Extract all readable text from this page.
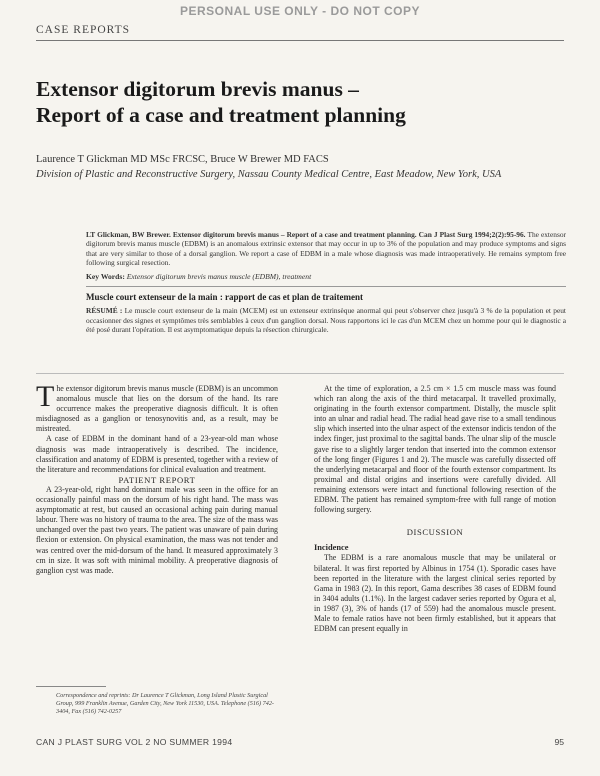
PERSONAL USE ONLY - DO NOT COPY
CASE REPORTS
Extensor digitorum brevis manus –
Report of a case and treatment planning
Laurence T Glickman MD MSc FRCSC, Bruce W Brewer MD FACS
Division of Plastic and Reconstructive Surgery, Nassau County Medical Centre, East Meadow, New York, USA

LT Glickman, BW Brewer. Extensor digitorum brevis manus – Report of a case and treatment planning. Can J Plast Surg 1994;2(2):95-96. The extensor digitorum brevis manus muscle (EDBM) is an anomalous extrinsic extensor that may occur in up to 3% of the population and may produce symptoms and signs that are very similar to those of a dorsal ganglion. We report a case of EDBM in a male whose diagnosis was made intraoperatively. He remains symptom free following surgical resection.

Key Words: Extensor digitorum brevis manus muscle (EDBM), treatment

Muscle court extenseur de la main : rapport de cas et plan de traitement

RÉSUMÉ : Le muscle court extenseur de la main (MCEM) est un extenseur extrinsèque anormal qui peut s'observer chez jusqu'à 3 % de la population et peut occasionner des signes et symptômes très semblables à ceux d'un ganglion dorsal. Nous rapportons ici le cas d'un MCEM chez un homme pour qui le diagnostic a été posé durant l'opération. Il est asymptomatique depuis la résection chirurgicale.

The extensor digitorum brevis manus muscle (EDBM) is an uncommon anomalous muscle that lies on the dorsum of the hand. Its rare occurrence makes the preoperative diagnosis difficult. It is often misdiagnosed as a ganglion or tenosynovitis and, as a result, may be mistreated.

A case of EDBM in the dominant hand of a 23-year-old man whose diagnosis was made intraoperatively is described. The incidence, classification and anatomy of EDBM is presented, together with a review of the literature and recommendations for clinical evaluation and treatment.

PATIENT REPORT

A 23-year-old, right hand dominant male was seen in the office for an occasionally painful mass on the dorsum of his right hand. The mass was asymptomatic at rest, but caused an occasional aching pain during manual labour. There was no history of trauma to the area. The size of the mass was unchanged over the past two years. The patient was unaware of pain during flexion or extension. On physical examination, the mass was not tender and was centred over the mid-dorsum of the hand. It measured approximately 3 cm in size. It was soft with minimal mobility. A preoperative diagnosis of ganglion cyst was made.

At the time of exploration, a 2.5 cm × 1.5 cm muscle mass was found which ran along the axis of the third metacarpal. It travelled proximally, originating in the fourth extensor compartment. Distally, the muscle split into an ulnar and radial head. The radial head gave rise to a small tendinous slip which inserted into the ulnar aspect of the extensor indicis tendon of the index finger, just proximal to the sagittal bands. The ulnar slip of the muscle gave rise to a slightly larger tendon that inserted into the common extensor of the long finger (Figures 1 and 2). The muscle was carefully dissected off the underlying metacarpal and floor of the fourth extensor compartment. Its proximal and distal origins and insertions were carefully divided. All remaining extensors were intact and functional following resection of the EDBM. The patient has remained symptom-free with full range of motion following surgery.

DISCUSSION

Incidence

The EDBM is a rare anomalous muscle that may be unilateral or bilateral. It was first reported by Albinus in 1754 (1). Sporadic cases have been reported in the literature with the largest clinical series reported by Gama in 1983 (2). In this report, Gama describes 38 cases of EDBM found in 3404 adults (1.1%). In the largest cadaver series reported by Ogura et al, in 1987 (3), 3% of hands (17 of 559) had the anomalous muscle present. Male to female ratios have not been firmly established, but it appears that EDBM can present equally in

Correspondence and reprints: Dr Laurence T Glickman, Long Island Plastic Surgical Group, 999 Franklin Avenue, Garden City, New York 11530, USA. Telephone (516) 742-3404, Fax (516) 742-0257
CAN J PLAST SURG VOL 2 NO SUMMER 1994	95
